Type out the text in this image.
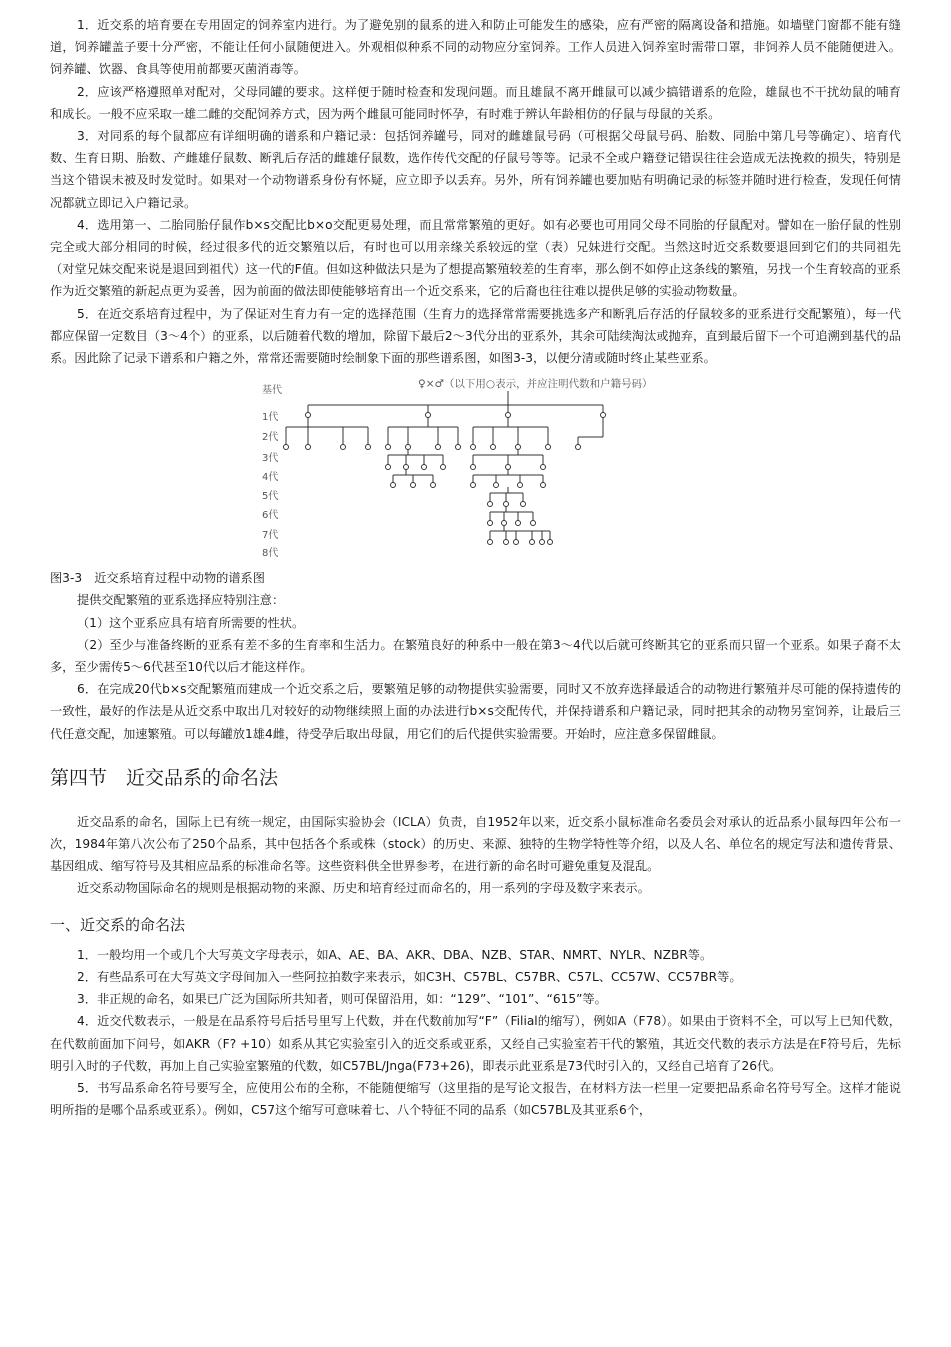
1．近交系的培育要在专用固定的饲养室内进行。为了避免别的鼠系的进入和防止可能发生的感染，应有严密的隔离设备和措施。如墙壁门窗都不能有缝道，饲养罐盖子要十分严密，不能让任何小鼠随便进入。外观相似种系不同的动物应分室饲养。工作人员进入饲养室时需带口罩，非饲养人员不能随便进入。饲养罐、饮器、食具等使用前都要灭菌消毒等。

2．应该严格遵照单对配对，父母同罐的要求。这样便于随时检查和发现问题。而且雄鼠不离开雌鼠可以减少搞错谱系的危险，雄鼠也不干扰幼鼠的哺育和成长。一般不应采取一雄二雌的交配饲养方式，因为两个雌鼠可能同时怀孕，有时难于辨认年龄相仿的仔鼠与母鼠的关系。

3．对同系的每个鼠都应有详细明确的谱系和户籍记录：包括饲养罐号，同对的雌雄鼠号码（可根据父母鼠号码、胎数、同胎中第几号等确定）、培育代数、生育日期、胎数、产雌雄仔鼠数、断乳后存活的雌雄仔鼠数，选作传代交配的仔鼠号等等。记录不全或户籍登记错误往往会造成无法挽救的损失，特别是当这个错误未被及时发觉时。如果对一个动物谱系身份有怀疑，应立即予以丢弃。另外，所有饲养罐也要加贴有明确记录的标签并随时进行检查，发现任何情况都就立即记入户籍记录。

4．选用第一、二胎同胎仔鼠作b×s交配比b×o交配更易处理，而且常常繁殖的更好。如有必要也可用同父母不同胎的仔鼠配对。譬如在一胎仔鼠的性别完全或大部分相同的时候，经过很多代的近交繁殖以后，有时也可以用亲缘关系较远的堂（表）兄妹进行交配。当然这时近交系数要退回到它们的共同祖先（对堂兄妹交配来说是退回到祖代）这一代的F值。但如这种做法只是为了想提高繁殖较差的生育率，那么倒不如停止这条线的繁殖，另找一个生育较高的亚系作为近交繁殖的新起点更为妥善，因为前面的做法即使能够培育出一个近交系来，它的后裔也往往难以提供足够的实验动物数量。

5．在近交系培育过程中，为了保证对生育力有一定的选择范围（生育力的选择常常需要挑选多产和断乳后存活的仔鼠较多的亚系进行交配繁殖），每一代都应保留一定数目（3～4个）的亚系，以后随着代数的增加，除留下最后2～3代分出的亚系外，其余可陆续淘汰或抛弃，直到最后留下一个可追溯到基代的品系。因此除了记录下谱系和户籍之外，常常还需要随时绘制象下面的那些谱系图，如图3-3，以便分清或随时终止某些亚系。

基代
1代
2代
3代
4代
5代
6代
7代
8代
♀×♂（以下用○表示，并应注明代数和户籍号码）

图3-3　近交系培育过程中动物的谱系图

提供交配繁殖的亚系选择应特别注意：

（1）这个亚系应具有培育所需要的性状。

（2）至少与准备终断的亚系有差不多的生育率和生活力。在繁殖良好的种系中一般在第3～4代以后就可终断其它的亚系而只留一个亚系。如果子裔不太多，至少需传5～6代甚至10代以后才能这样作。

6．在完成20代b×s交配繁殖而建成一个近交系之后，要繁殖足够的动物提供实验需要，同时又不放弃选择最适合的动物进行繁殖并尽可能的保持遗传的一致性，最好的作法是从近交系中取出几对较好的动物继续照上面的办法进行b×s交配传代，并保持谱系和户籍记录，同时把其余的动物另室饲养，让最后三代任意交配，加速繁殖。可以每罐放1雄4雌，待受孕后取出母鼠，用它们的后代提供实验需要。开始时，应注意多保留雌鼠。

第四节　近交品系的命名法

近交品系的命名，国际上已有统一规定，由国际实验协会（ICLA）负责，自1952年以来，近交系小鼠标准命名委员会对承认的近品系小鼠每四年公布一次，1984年第八次公布了250个品系，其中包括各个系或株（stock）的历史、来源、独特的生物学特性等介绍，以及人名、单位名的规定写法和遗传背景、基因组成、缩写符号及其相应品系的标准命名等。这些资料供全世界参考，在进行新的命名时可避免重复及混乱。

近交系动物国际命名的规则是根据动物的来源、历史和培育经过而命名的，用一系列的字母及数字来表示。

一、近交系的命名法

1．一般均用一个或几个大写英文字母表示，如A、AE、BA、AKR、DBA、NZB、STAR、NMRT、NYLR、NZBR等。

2．有些品系可在大写英文字母间加入一些阿拉拍数字来表示，如C3H、C57BL、C57BR、C57L、CC57W、CC57BR等。

3．非正规的命名，如果已广泛为国际所共知者，则可保留沿用，如：“129”、“101”、“615”等。

4．近交代数表示，一般是在品系符号后括号里写上代数，并在代数前加写“F”（Filial的缩写），例如A（F78）。如果由于资料不全，可以写上已知代数，在代数前面加下问号，如AKR（F? +10）如系从其它实验室引入的近交系或亚系，又经自己实验室若干代的繁殖，其近交代数的表示方法是在F符号后，先标明引入时的子代数，再加上自己实验室繁殖的代数，如C57BL/Jnga(F73+26)，即表示此亚系是73代时引入的，又经自己培育了26代。

5．书写品系命名符号要写全，应使用公布的全称，不能随便缩写（这里指的是写论文报告，在材料方法一栏里一定要把品系命名符号写全。这样才能说明所指的是哪个品系或亚系）。例如，C57这个缩写可意味着七、八个特征不同的品系（如C57BL及其亚系6个，
